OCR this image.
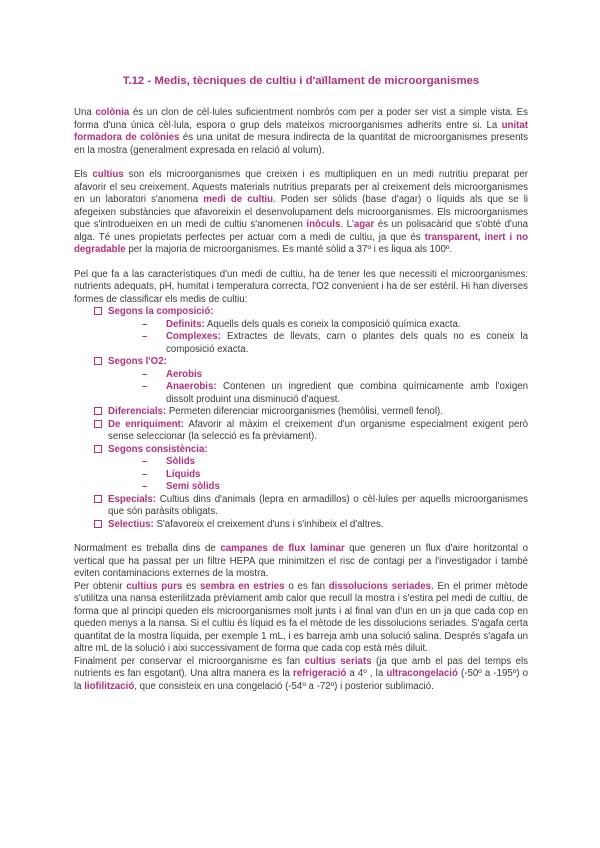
T.12 - Medis, tècniques de cultiu i d'aïllament de microorganismes

Una colònia és un clon de cèl·lules suficientment nombrós com per a poder ser vist a simple vista. Es forma d'una única cèl·lula, espora o grup dels mateixos microorganismes adherits entre si. La unitat formadora de colònies és una unitat de mesura indirecta de la quantitat de microorganismes presents en la mostra (generalment expresada en relació al volum).

Els cultius son els microorganismes que creixen i es multipliquen en un medi nutritiu preparat per afavorir el seu creixement. Aquests materials nutritius preparats per al creixement dels microorganismes en un laboratori s'anomena medi de cultiu. Poden ser sòlids (base d'agar) o líquids als que se li afegeixen substàncies que afavoreixin el desenvolupament dels microorganismes. Els microorganismes que s'introdueixen en un medi de cultiu s'anomenen inòculs. L'agar és un polisacàrid que s'obté d'una alga. Té unes propietats perfectes per actuar com a medi de cultiu, ja que és transparent, inert i no degradable per la majoria de microorganismes. Es manté sòlid a 37º i es liqua als 100º.

Pel que fa a las característiques d'un medi de cultiu, ha de tener les que necessiti el microorganismes: nutrients adequats, pH, humitat i temperatura correcta, l'O2 convenient i ha de ser estéril. Hi han diverses formes de classificar els medis de cultiu:

Segons la composició:
– Definits: Aquells dels quals es coneix la composició química exacta.
– Complexes: Extractes de llevats, carn o plantes dels quals no es coneix la composició exacta.
Segons l'O2:
– Aerobis
– Anaerobis: Contenen un ingredient que combina químicamente amb l'oxigen dissolt produint una disminució d'aquest.
Diferencials: Permeten diferenciar microorganismes (hemòlisi, vermell fenol).
De enriquiment: Afavorir al màxim el creixement d'un organisme especialment exigent però sense seleccionar (la selecció es fa prèviament).
Segons consistència:
– Sòlids
– Líquids
– Semi sòlids
Especials: Cultius dins d'animals (lepra en armadillos) o cèl·lules per aquells microorganismes que són paràsits obligats.
Selectius: S'afavoreix el creixement d'uns i s'inhibeix el d'altres.

Normalment es treballa dins de campanes de flux laminar que generen un flux d'aire horitzontal o vertical que ha passat per un filtre HEPA que minimitzen el risc de contagi per a l'investigador i també eviten contaminacions externes de la mostra.

Per obtenir cultius purs es sembra en estries o es fan dissolucions seriades. En el primer mètode s'utilitza una nansa esterilitzada prèviament amb calor que recull la mostra i s'estira pel medi de cultiu, de forma que al principi queden els microorganismes molt junts i al final van d'un en un ja que cada cop en queden menys a la nansa. Si el cultiu és líquid es fa el mètode de les dissolucions seriades. S'agafa certa quantitat de la mostra líquida, per exemple 1 mL, i es barreja amb una solució salina. Després s'agafa un altre mL de la solució i aixi successivament de forma que cada cop està més diluit.

Finalment per conservar el microorganisme es fan cultius seriats (ja que amb el pas del temps els nutrients es fan esgotant). Una altra manera es la refrigeració a 4º , la ultracongelació (-50º a -195º) o la liofilització, que consisteix en una congelació (-54º a -72º) i posterior sublimació.
